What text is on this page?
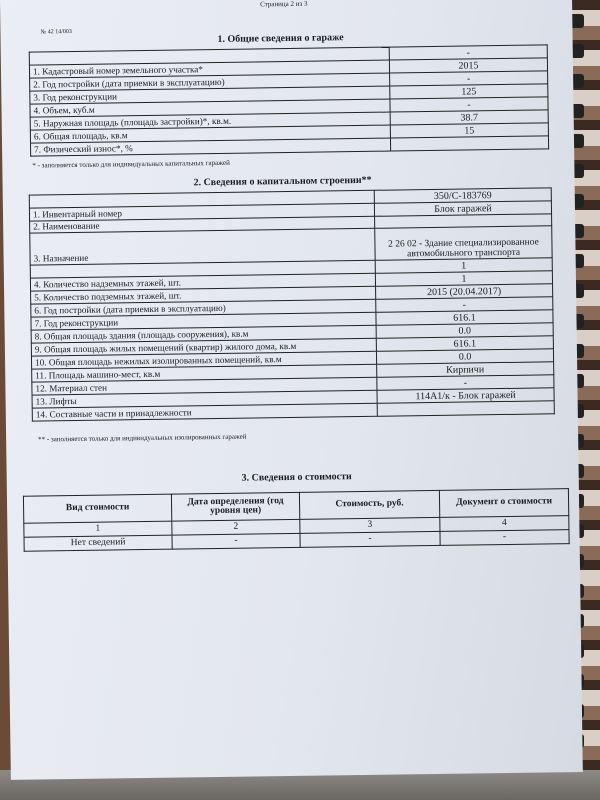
Страница 2 из 3
№ 42 14/003	1. Общие сведения о гараже
	-
1. Кадастровый номер земельного участка*	2015
2. Год постройки (дата приемки в эксплуатацию)	-
3. Год реконструкции	125
4. Объем, куб.м	-
5. Наружная площадь (площадь застройки)*, кв.м.	38.7
6. Общая площадь, кв.м	15
7. Физический износ*, %	
* - заполняется только для индивидуальных капитальных гаражей
2. Сведения о капитальном строении**
	350/С-183769
1. Инвентарный номер	Блок гаражей
2. Наименование	
3. Назначение	2 26 02 - Здание специализированное автомобильного транспорта
	1
4. Количество надземных этажей, шт.	1
5. Количество подземных этажей, шт.	2015 (20.04.2017)
6. Год постройки (дата приемки в эксплуатацию)	-
7. Год реконструкции	616.1
8. Общая площадь здания (площадь сооружения), кв.м	0.0
9. Общая площадь жилых помещений (квартир) жилого дома, кв.м	616.1
10. Общая площадь нежилых изолированных помещений, кв.м	0.0
11. Площадь машино-мест, кв.м	Кирпичи
12. Материал стен	-
13. Лифты	114А1/к - Блок гаражей
14. Составные части и принадлежности	
** - заполняется только для индивидуальных изолированных гаражей
3. Сведения о стоимости
Вид стоимости	Дата определения (год уровня цен)	Стоимость, руб.	Документ о стоимости
1	2	3	4
Нет сведений	-	-	-
